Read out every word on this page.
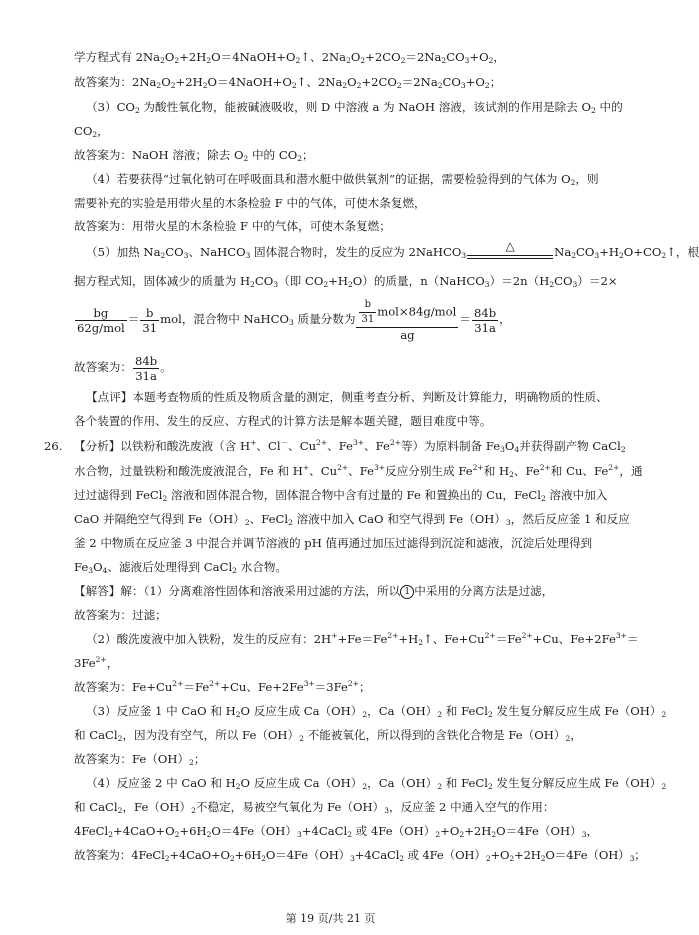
学方程式有 $2Na_2O_2+2H_2O=4NaOH+O_2↑$、$2Na_2O_2+2CO_2=2Na_2CO_3+O_2$，
故答案为：$2Na_2O_2+2H_2O=4NaOH+O_2↑$、$2Na_2O_2+2CO_2=2Na_2CO_3+O_2$；
$(3)CO_2$ 为酸性氧化物，能被碱液吸收，则 D 中溶液 a 为 NaOH 溶液，该试剂的作用是除去 $O_2$ 中的
$CO_2$，
故答案为：NaOH 溶液；除去 $O_2$ 中的 $CO_2$；
（4）若要获得“过氧化钠可在呼吸面具和潜水艇中做供氧剂”的证据，需要检验得到的气体为 $O_2$，则
需要补充的实验是用带火星的木条检验 F 中的气体，可使木条复燃，
故答案为：用带火星的木条检验 F 中的气体，可使木条复燃；
（5）加热 $Na_2CO_3$、NaHCO$_3$ 固体混合物时，发生的反应为 2NaHCO$_3$
△	$Na_2CO_3+H_2O+CO_2↑$，根
据方程式知，固体减少的质量为 $H_2CO_3$（即 $CO_2+H_2O$）的质量，$n(NaHCO_3)=2n(H_2CO_3)=2\times$
$\frac{bg}{\text{62g/mol}} = \frac{b}{31}$ mol，混合物中 NaHCO$_3$ 质量分数为 $\frac{\frac{b}{31} mol\times 84g/mol}{ag} = \frac{84b}{31a}$ ，
故答案为： $\frac{84b}{31a}$ 。
【点评】本题考查物质的性质及物质含量的测定，侧重考查分析、判断及计算能力，明确物质的性质、
各个装置的作用、发生的反应、方程式的计算方法是解本题关键，题目难度中等。
26. 【分析】以铁粉和酸洗废液（含 H+、Cl－、$Cu^{2+}$、$Fe^{3+}$、$Fe^{2+}$等）为原料制备 $Fe_3O_4$并获得副产物 CaCl$_2$
水合物，过量铁粉和酸洗废液混合，Fe 和 H+、$Cu^{2+}$、$Fe^{3+}$反应分别生成 $Fe^{2+}$和 $H_2$、$Fe^{2+}$和 Cu、$Fe^{2+}$，通
过过滤得到 FeCl$_2$ 溶液和固体混合物，固体混合物中含有过量的 Fe 和置换出的 Cu，FeCl$_2$ 溶液中加入
CaO 并隔绝空气得到 $Fe(OH)_2$、FeCl$_2$ 溶液中加入 CaO 和空气得到 $Fe(OH)_3$，然后反应釜 1 和反应
釜 2 中物质在反应釜 3 中混合并调节溶液的 pH 值再通过加压过滤得到沉淀和滤液，沉淀后处理得到
$Fe_3O_4$、滤液后处理得到 CaCl$_2$ 水合物。
【解答】解：（1）分离难溶性固体和溶液采用过滤的方法，所以 1 中采用的分离方法是过滤，
故答案为：过滤；
（2）酸洗废液中加入铁粉，发生的反应有：$2H^++Fe=Fe^{2+}+H_2↑$、$Fe+Cu^{2+}=Fe^{2+}+Cu$、$Fe+2Fe^{3+}=$
$3Fe^{2+}$，
故答案为：$Fe+Cu^{2+}=Fe^{2+}+Cu$、$Fe+2Fe^{3+}=3Fe^{2+}$；
（3）反应釜 1 中 CaO 和 $H_2O$ 反应生成 $Ca(OH)_2$，$Ca(OH)_2$ 和 FeCl$_2$ 发生复分解反应生成 $Fe(OH)_2$
和 CaCl$_2$，因为没有空气，所以 $Fe(OH)_2$ 不能被氧化，所以得到的含铁化合物是 $Fe(OH)_2$，
故答案为：$Fe(OH)_2$；
（4）反应釜 2 中 CaO 和 $H_2O$ 反应生成 $Ca(OH)_2$，$Ca(OH)_2$ 和 FeCl$_2$ 发生复分解反应生成 $Fe(OH)_2$
和 CaCl$_2$，$Fe(OH)_2$不稳定，易被空气氧化为 $Fe(OH)_3$，反应釜 2 中通入空气的作用：
$4FeCl_2+4CaO+O_2+6H_2O=4Fe(OH)_3+4CaCl_2$ 或 $4Fe(OH)_2+O_2+2H_2O=4Fe(OH)_3$，
故答案为：$4FeCl_2+4CaO+O_2+6H_2O=4Fe(OH)_3+4CaCl_2$ 或 $4Fe(OH)_2+O_2+2H_2O=4Fe(OH)_3$；
第 19 页/共 21 页
